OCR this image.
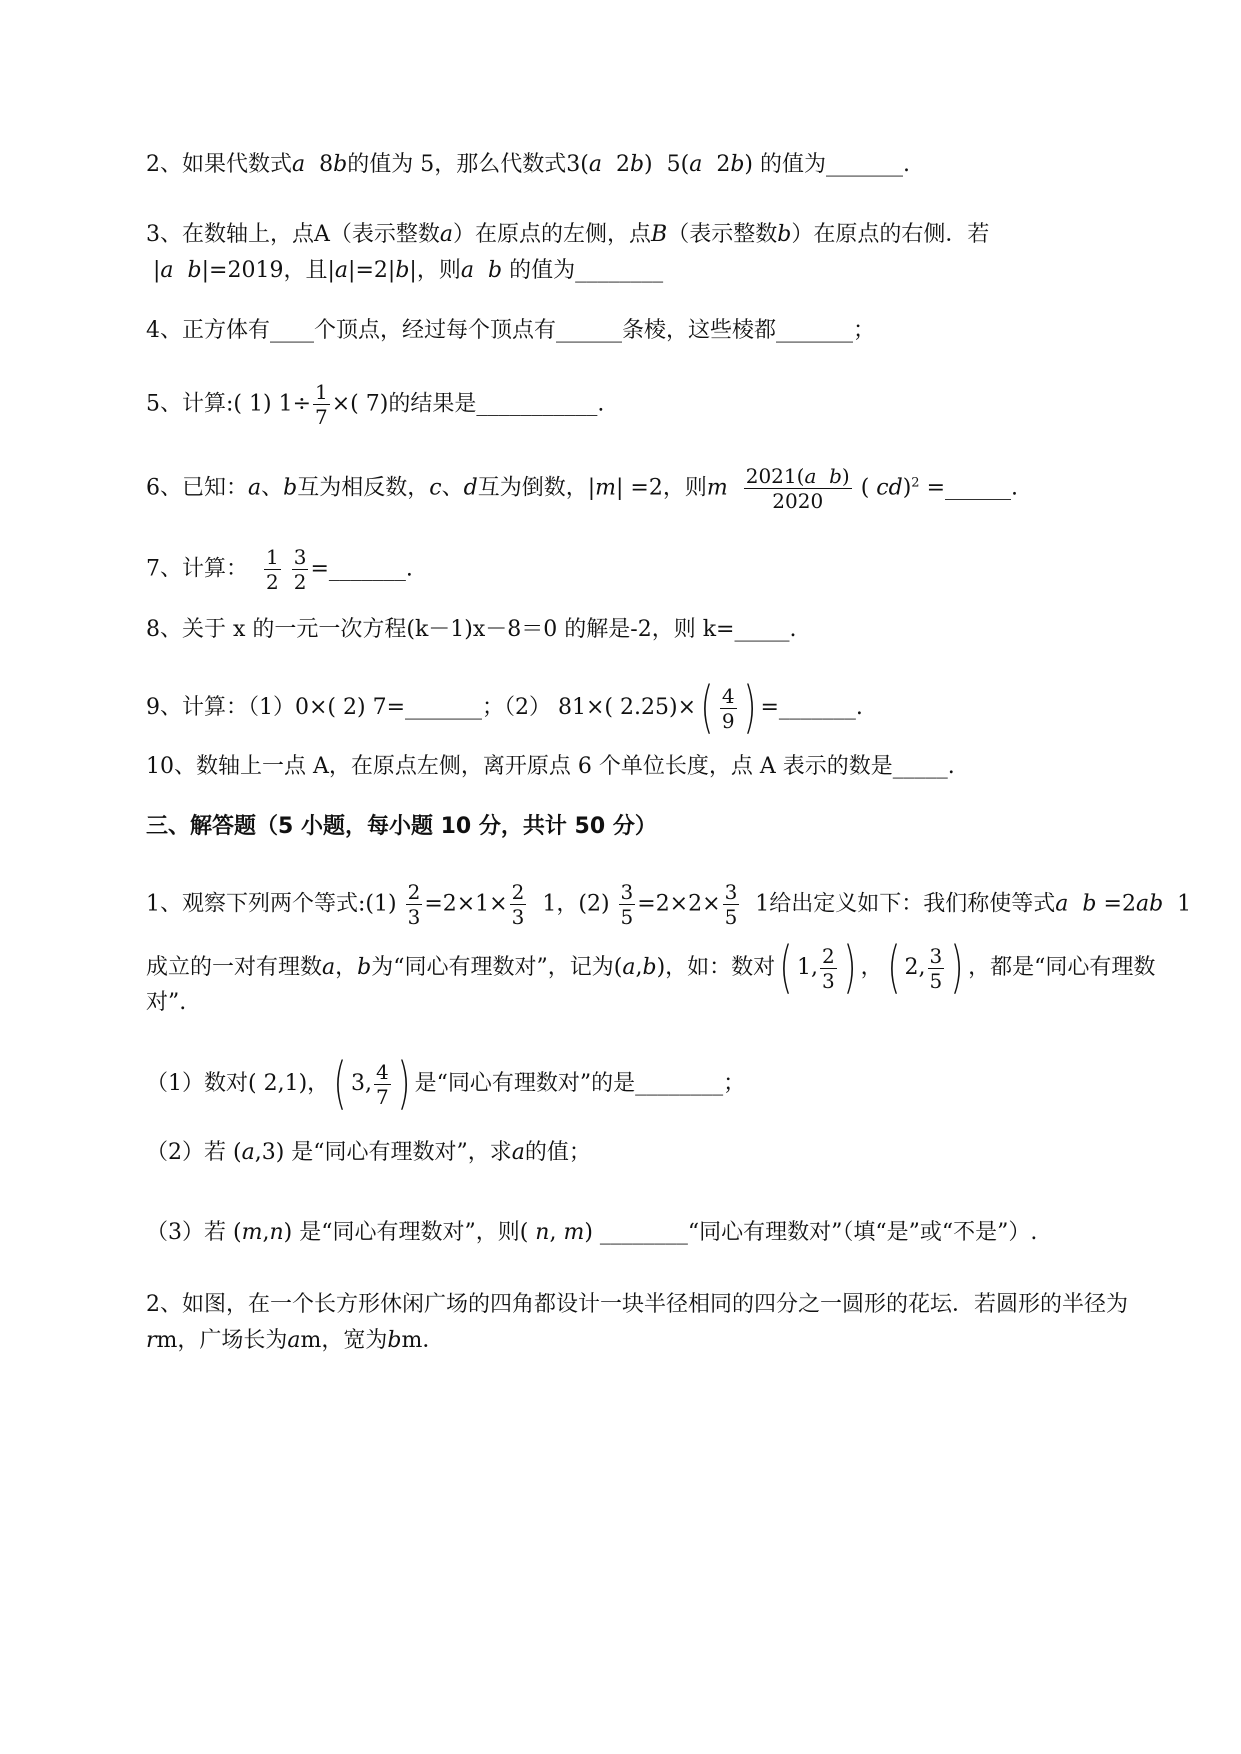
2、如果代数式a 8b的值为 5，那么代数式3(a 2b)  5(a 2b) 的值为_______.
3、在数轴上，点A（表示整数a）在原点的左侧，点B（表示整数b）在原点的右侧．若
|a b|=2019，且|a|=2|b|，则a b 的值为________
4、正方体有____个顶点，经过每个顶点有______条棱，这些棱都_______；
5、计算:( 1) $1\div \frac{1}{7}$ ×( 7)的结果是___________.
6、已知：a、b互为相反数，c、d互为倒数，|m| =2，则m $\frac{\text{2021(a b)}}{2020}$ ( cd)$^2$ =______.
7、计算： $\frac{1}{2}$
$\frac{3}{2}$ =_______.
8、关于 x 的一元一次方程(k－1)x－8＝0 的解是-2，则 k=_____.
9、计算：（1）0×( 2) 7=_______；（2） 81×( $2.25)\times( \frac{4}{9}$ ) =_______.
10、数轴上一点 A，在原点左侧，离开原点 6 个单位长度，点 A 表示的数是_____.
三、解答题（5 小题，每小题 10 分，共计 50 分）
1、观察下列两个等式:(1) $\frac{2}{3} =2\times 1\times \frac{2}{3} 1$，$(2) \frac{3}{5} =2\times 2\times \frac{3}{5} 1$给出定义如下：我们称使等式a b =2ab 1
成立的一对有理数a，b为“同心有理数对”，记为(a,b)，如：数对( 1, $\frac{2}{3}$ ) ，( 2, $\frac{3}{5}$ ) ，都是“同心有理数
对”.
（1）数对( 2,1)，( 3, $\frac{4}{7}$ ) 是“同心有理数对”的是________；
（2）若 (a,3) 是“同心有理数对”，求a的值；
（3）若 (m,n) 是“同心有理数对”，则( n, m) ________“同心有理数对”（填“是”或“不是”）.
2、如图，在一个长方形休闲广场的四角都设计一块半径相同的四分之一圆形的花坛．若圆形的半径为
rm，广场长为am，宽为bm．
